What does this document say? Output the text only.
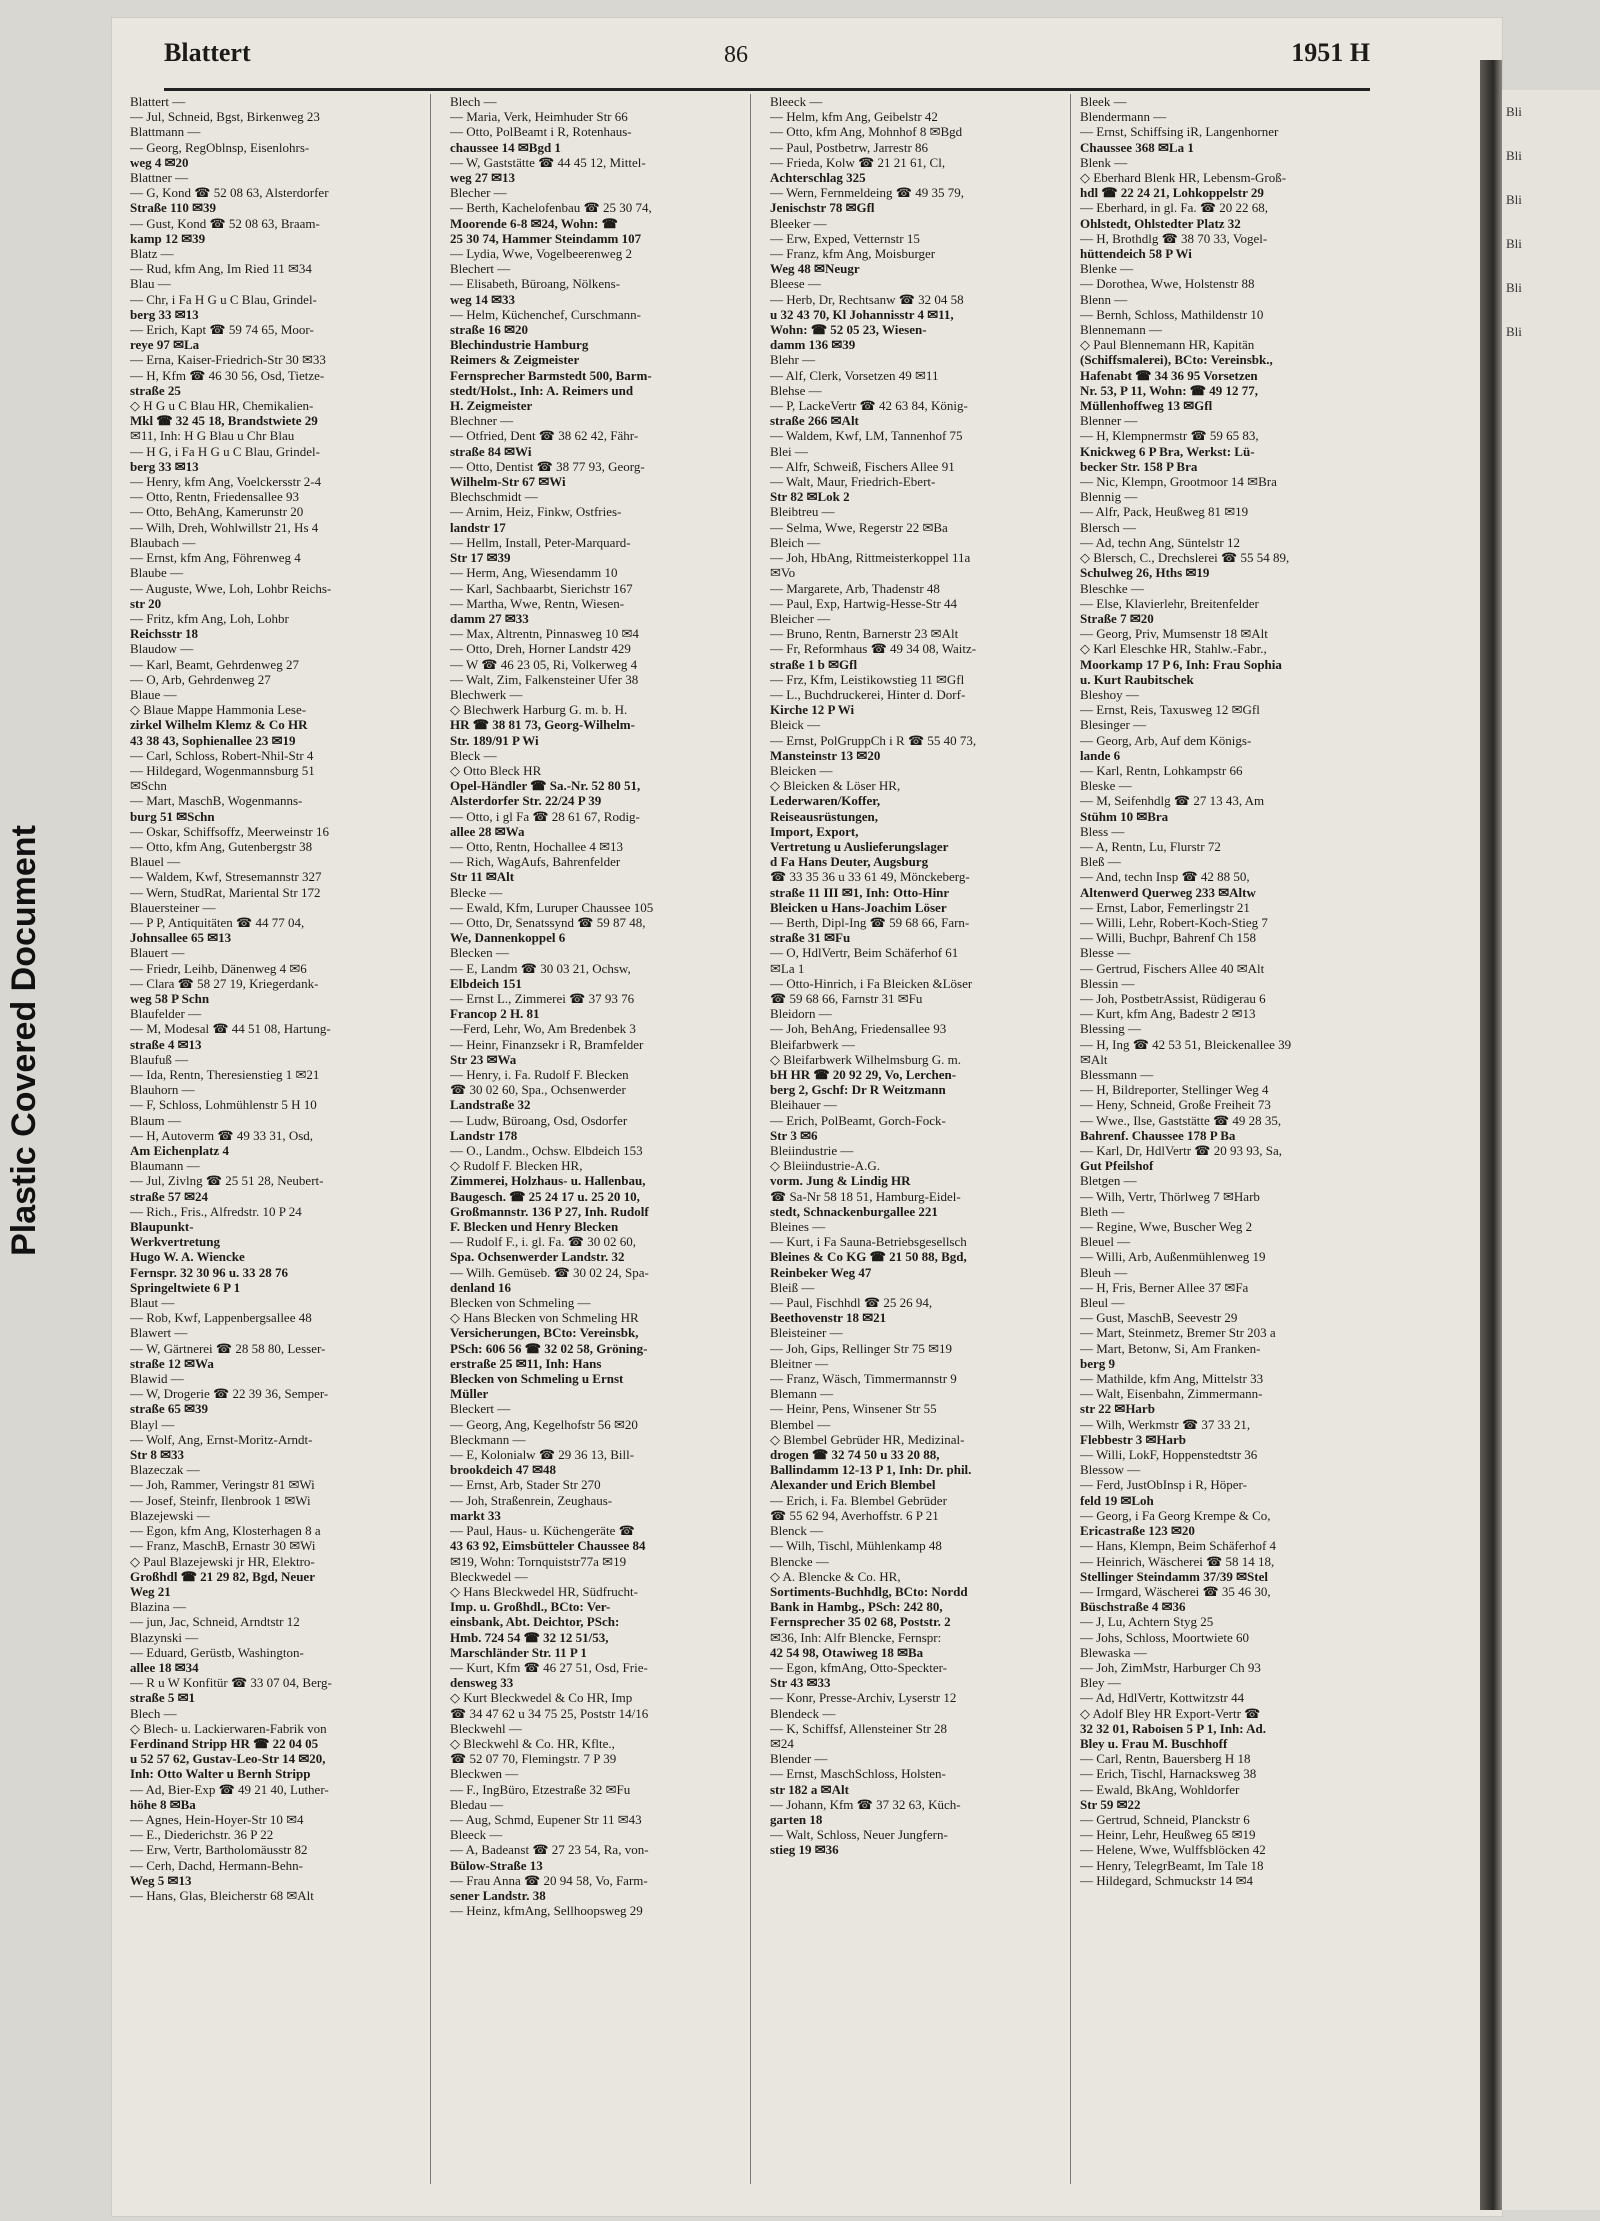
Plastic Covered Document
Blattert	86	1951 H
Blattert —
— Jul, Schneid, Bgst, Birkenweg 23
Blattmann —
— Georg, RegOblnsp, Eisenlohrs-
weg 4 ✉20
Blattner —
— G, Kond ☎ 52 08 63, Alsterdorfer
Straße 110 ✉39
— Gust, Kond ☎ 52 08 63, Braam-
kamp 12 ✉39
Blatz —
— Rud, kfm Ang, Im Ried 11 ✉34
Blau —
— Chr, i Fa H G u C Blau, Grindel-
berg 33 ✉13
— Erich, Kapt ☎ 59 74 65, Moor-
reye 97 ✉La
— Erna, Kaiser-Friedrich-Str 30 ✉33
— H, Kfm ☎ 46 30 56, Osd, Tietze-
straße 25
◇ H G u C Blau HR, Chemikalien-
Mkl ☎ 32 45 18, Brandstwiete 29
✉11, Inh: H G Blau u Chr Blau
— H G, i Fa H G u C Blau, Grindel-
berg 33 ✉13
— Henry, kfm Ang, Voelckersstr 2-4
— Otto, Rentn, Friedensallee 93
— Otto, BehAng, Kamerunstr 20
— Wilh, Dreh, Wohlwillstr 21, Hs 4
Blaubach —
— Ernst, kfm Ang, Föhrenweg 4
Blaube —
— Auguste, Wwe, Loh, Lohbr Reichs-
str 20
— Fritz, kfm Ang, Loh, Lohbr
Reichsstr 18
Blaudow —
— Karl, Beamt, Gehrdenweg 27
— O, Arb, Gehrdenweg 27
Blaue —
◇ Blaue Mappe Hammonia Lese-
zirkel Wilhelm Klemz & Co HR
43 38 43, Sophienallee 23 ✉19
— Carl, Schloss, Robert-Nhil-Str 4
— Hildegard, Wogenmannsburg 51
✉Schn
— Mart, MaschB, Wogenmanns-
burg 51 ✉Schn
— Oskar, Schiffsoffz, Meerweinstr 16
— Otto, kfm Ang, Gutenbergstr 38
Blauel —
— Waldem, Kwf, Stresemannstr 327
— Wern, StudRat, Mariental Str 172
Blauersteiner —
— P P, Antiquitäten ☎ 44 77 04,
Johnsallee 65 ✉13
Blauert —
— Friedr, Leihb, Dänenweg 4 ✉6
— Clara ☎ 58 27 19, Kriegerdank-
weg 58 P Schn
Blaufelder —
— M, Modesal ☎ 44 51 08, Hartung-
straße 4 ✉13
Blaufuß —
— Ida, Rentn, Theresienstieg 1 ✉21
Blauhorn —
— F, Schloss, Lohmühlenstr 5 H 10
Blaum —
— H, Autoverm ☎ 49 33 31, Osd,
Am Eichenplatz 4
Blaumann —
— Jul, Zivlng ☎ 25 51 28, Neubert-
straße 57 ✉24
— Rich., Fris., Alfredstr. 10 P 24
Blaupunkt-
Werkvertretung
Hugo W. A. Wiencke
Fernspr. 32 30 96 u. 33 28 76
Springeltwiete 6 P 1
Blaut —
— Rob, Kwf, Lappenbergsallee 48
Blawert —
— W, Gärtnerei ☎ 28 58 80, Lesser-
straße 12 ✉Wa
Blawid —
— W, Drogerie ☎ 22 39 36, Semper-
straße 65 ✉39
Blayl —
— Wolf, Ang, Ernst-Moritz-Arndt-
Str 8 ✉33
Blazeczak —
— Joh, Rammer, Veringstr 81 ✉Wi
— Josef, Steinfr, Ilenbrook 1 ✉Wi
Blazejewski —
— Egon, kfm Ang, Klosterhagen 8 a
— Franz, MaschB, Ernastr 30 ✉Wi
◇ Paul Blazejewski jr HR, Elektro-
Großhdl ☎ 21 29 82, Bgd, Neuer
Weg 21
Blazina —
— jun, Jac, Schneid, Arndtstr 12
Blazynski —
— Eduard, Gerüstb, Washington-
allee 18 ✉34
— R u W Konfitür ☎ 33 07 04, Berg-
straße 5 ✉1
Blech —
◇ Blech- u. Lackierwaren-Fabrik von
Ferdinand Stripp HR ☎ 22 04 05
u 52 57 62, Gustav-Leo-Str 14 ✉20,
Inh: Otto Walter u Bernh Stripp
— Ad, Bier-Exp ☎ 49 21 40, Luther-
höhe 8 ✉Ba
— Agnes, Hein-Hoyer-Str 10 ✉4
— E., Diederichstr. 36 P 22
— Erw, Vertr, Bartholomäusstr 82
— Cerh, Dachd, Hermann-Behn-
Weg 5 ✉13
— Hans, Glas, Bleicherstr 68 ✉Alt
Blech —
— Maria, Verk, Heimhuder Str 66
— Otto, PolBeamt i R, Rotenhaus-
chaussee 14 ✉Bgd 1
— W, Gaststätte ☎ 44 45 12, Mittel-
weg 27 ✉13
Blecher —
— Berth, Kachelofenbau ☎ 25 30 74,
Moorende 6-8 ✉24, Wohn: ☎
25 30 74, Hammer Steindamm 107
— Lydia, Wwe, Vogelbeerenweg 2
Blechert —
— Elisabeth, Büroang, Nölkens-
weg 14 ✉33
— Helm, Küchenchef, Curschmann-
straße 16 ✉20
Blechindustrie Hamburg
Reimers & Zeigmeister
Fernsprecher Barmstedt 500, Barm-
stedt/Holst., Inh: A. Reimers und
H. Zeigmeister
Blechner —
— Otfried, Dent ☎ 38 62 42, Fähr-
straße 84 ✉Wi
— Otto, Dentist ☎ 38 77 93, Georg-
Wilhelm-Str 67 ✉Wi
Blechschmidt —
— Arnim, Heiz, Finkw, Ostfries-
landstr 17
— Hellm, Install, Peter-Marquard-
Str 17 ✉39
— Herm, Ang, Wiesendamm 10
— Karl, Sachbaarbt, Sierichstr 167
— Martha, Wwe, Rentn, Wiesen-
damm 27 ✉33
— Max, Altrentn, Pinnasweg 10 ✉4
— Otto, Dreh, Horner Landstr 429
— W ☎ 46 23 05, Ri, Volkerweg 4
— Walt, Zim, Falkensteiner Ufer 38
Blechwerk —
◇ Blechwerk Harburg G. m. b. H.
HR ☎ 38 81 73, Georg-Wilhelm-
Str. 189/91 P Wi
Bleck —
◇ Otto Bleck HR
Opel-Händler ☎ Sa.-Nr. 52 80 51,
Alsterdorfer Str. 22/24 P 39
— Otto, i gl Fa ☎ 28 61 67, Rodig-
allee 28 ✉Wa
— Otto, Rentn, Hochallee 4 ✉13
— Rich, WagAufs, Bahrenfelder
Str 11 ✉Alt
Blecke —
— Ewald, Kfm, Luruper Chaussee 105
— Otto, Dr, Senatssynd ☎ 59 87 48,
We, Dannenkoppel 6
Blecken —
— E, Landm ☎ 30 03 21, Ochsw,
Elbdeich 151
— Ernst L., Zimmerei ☎ 37 93 76
Francop 2 H. 81
—Ferd, Lehr, Wo, Am Bredenbek 3
— Heinr, Finanzsekr i R, Bramfelder
Str 23 ✉Wa
— Henry, i. Fa. Rudolf F. Blecken
☎ 30 02 60, Spa., Ochsenwerder
Landstraße 32
— Ludw, Büroang, Osd, Osdorfer
Landstr 178
— O., Landm., Ochsw. Elbdeich 153
◇ Rudolf F. Blecken HR,
Zimmerei, Holzhaus- u. Hallenbau,
Baugesch. ☎ 25 24 17 u. 25 20 10,
Großmannstr. 136 P 27, Inh. Rudolf
F. Blecken und Henry Blecken
— Rudolf F., i. gl. Fa. ☎ 30 02 60,
Spa. Ochsenwerder Landstr. 32
— Wilh. Gemüseb. ☎ 30 02 24, Spa-
denland 16
Blecken von Schmeling —
◇ Hans Blecken von Schmeling HR
Versicherungen, BCto: Vereinsbk,
PSch: 606 56 ☎ 32 02 58, Gröning-
erstraße 25 ✉11, Inh: Hans
Blecken von Schmeling u Ernst
Müller
Bleckert —
— Georg, Ang, Kegelhofstr 56 ✉20
Bleckmann —
— E, Kolonialw ☎ 29 36 13, Bill-
brookdeich 47 ✉48
— Ernst, Arb, Stader Str 270
— Joh, Straßenrein, Zeughaus-
markt 33
— Paul, Haus- u. Küchengeräte ☎
43 63 92, Eimsbütteler Chaussee 84
✉19, Wohn: Tornquiststr77a ✉19
Bleckwedel —
◇ Hans Bleckwedel HR, Südfrucht-
Imp. u. Großhdl., BCto: Ver-
einsbank, Abt. Deichtor, PSch:
Hmb. 724 54 ☎ 32 12 51/53,
Marschländer Str. 11 P 1
— Kurt, Kfm ☎ 46 27 51, Osd, Frie-
densweg 33
◇ Kurt Bleckwedel & Co HR, Imp
☎ 34 47 62 u 34 75 25, Poststr 14/16
Bleckwehl —
◇ Bleckwehl & Co. HR, Kflte.,
☎ 52 07 70, Flemingstr. 7 P 39
Bleckwen —
— F., IngBüro, Etzestraße 32 ✉Fu
Bledau —
— Aug, Schmd, Eupener Str 11 ✉43
Bleeck —
— A, Badeanst ☎ 27 23 54, Ra, von-
Bülow-Straße 13
— Frau Anna ☎ 20 94 58, Vo, Farm-
sener Landstr. 38
— Heinz, kfmAng, Sellhoopsweg 29
Bleeck —
— Helm, kfm Ang, Geibelstr 42
— Otto, kfm Ang, Mohnhof 8 ✉Bgd
— Paul, Postbetrw, Jarrestr 86
— Frieda, Kolw ☎ 21 21 61, Cl,
Achterschlag 325
— Wern, Fernmeldeing ☎ 49 35 79,
Jenischstr 78 ✉Gfl
Bleeker —
— Erw, Exped, Vetternstr 15
— Franz, kfm Ang, Moisburger
Weg 48 ✉Neugr
Bleese —
— Herb, Dr, Rechtsanw ☎ 32 04 58
u 32 43 70, Kl Johannisstr 4 ✉11,
Wohn: ☎ 52 05 23, Wiesen-
damm 136 ✉39
Blehr —
— Alf, Clerk, Vorsetzen 49 ✉11
Blehse —
— P, LackeVertr ☎ 42 63 84, König-
straße 266 ✉Alt
— Waldem, Kwf, LM, Tannenhof 75
Blei —
— Alfr, Schweiß, Fischers Allee 91
— Walt, Maur, Friedrich-Ebert-
Str 82 ✉Lok 2
Bleibtreu —
— Selma, Wwe, Regerstr 22 ✉Ba
Bleich —
— Joh, HbAng, Rittmeisterkoppel 11a
✉Vo
— Margarete, Arb, Thadenstr 48
— Paul, Exp, Hartwig-Hesse-Str 44
Bleicher —
— Bruno, Rentn, Barnerstr 23 ✉Alt
— Fr, Reformhaus ☎ 49 34 08, Waitz-
straße 1 b ✉Gfl
— Frz, Kfm, Leistikowstieg 11 ✉Gfl
— L., Buchdruckerei, Hinter d. Dorf-
Kirche 12 P Wi
Bleick —
— Ernst, PolGruppCh i R ☎ 55 40 73,
Mansteinstr 13 ✉20
Bleicken —
◇ Bleicken & Löser HR,
Lederwaren/Koffer,
Reiseausrüstungen,
Import, Export,
Vertretung u Auslieferungslager
d Fa Hans Deuter, Augsburg
☎ 33 35 36 u 33 61 49, Mönckeberg-
straße 11 III ✉1, Inh: Otto-Hinr
Bleicken u Hans-Joachim Löser
— Berth, Dipl-Ing ☎ 59 68 66, Farn-
straße 31 ✉Fu
— O, HdlVertr, Beim Schäferhof 61
✉La 1
— Otto-Hinrich, i Fa Bleicken &Löser
☎ 59 68 66, Farnstr 31 ✉Fu
Bleidorn —
— Joh, BehAng, Friedensallee 93
Bleifarbwerk —
◇ Bleifarbwerk Wilhelmsburg G. m.
bH HR ☎ 20 92 29, Vo, Lerchen-
berg 2, Gschf: Dr R Weitzmann
Bleihauer —
— Erich, PolBeamt, Gorch-Fock-
Str 3 ✉6
Bleiindustrie —
◇ Bleiindustrie-A.G.
vorm. Jung & Lindig HR
☎ Sa-Nr 58 18 51, Hamburg-Eidel-
stedt, Schnackenburgallee 221
Bleines —
— Kurt, i Fa Sauna-Betriebsgesellsch
Bleines & Co KG ☎ 21 50 88, Bgd,
Reinbeker Weg 47
Bleiß —
— Paul, Fischhdl ☎ 25 26 94,
Beethovenstr 18 ✉21
Bleisteiner —
— Joh, Gips, Rellinger Str 75 ✉19
Bleitner —
— Franz, Wäsch, Timmermannstr 9
Blemann —
— Heinr, Pens, Winsener Str 55
Blembel —
◇ Blembel Gebrüder HR, Medizinal-
drogen ☎ 32 74 50 u 33 20 88,
Ballindamm 12-13 P 1, Inh: Dr. phil.
Alexander und Erich Blembel
— Erich, i. Fa. Blembel Gebrüder
☎ 55 62 94, Averhoffstr. 6 P 21
Blenck —
— Wilh, Tischl, Mühlenkamp 48
Blencke —
◇ A. Blencke & Co. HR,
Sortiments-Buchhdlg, BCto: Nordd
Bank in Hambg., PSch: 242 80,
Fernsprecher 35 02 68, Poststr. 2
✉36, Inh: Alfr Blencke, Fernspr:
42 54 98, Otawiweg 18 ✉Ba
— Egon, kfmAng, Otto-Speckter-
Str 43 ✉33
— Konr, Presse-Archiv, Lyserstr 12
Blendeck —
— K, Schiffsf, Allensteiner Str 28
✉24
Blender —
— Ernst, MaschSchloss, Holsten-
str 182 a ✉Alt
— Johann, Kfm ☎ 37 32 63, Küch-
garten 18
— Walt, Schloss, Neuer Jungfern-
stieg 19 ✉36
Bleek —
Blendermann —
— Ernst, Schiffsing iR, Langenhorner
Chaussee 368 ✉La 1
Blenk —
◇ Eberhard Blenk HR, Lebensm-Groß-
hdl ☎ 22 24 21, Lohkoppelstr 29
— Eberhard, in gl. Fa. ☎ 20 22 68,
Ohlstedt, Ohlstedter Platz 32
— H, Brothdlg ☎ 38 70 33, Vogel-
hüttendeich 58 P Wi
Blenke —
— Dorothea, Wwe, Holstenstr 88
Blenn —
— Bernh, Schloss, Mathildenstr 10
Blennemann —
◇ Paul Blennemann HR, Kapitän
(Schiffsmalerei), BCto: Vereinsbk.,
Hafenabt ☎ 34 36 95 Vorsetzen
Nr. 53, P 11, Wohn: ☎ 49 12 77,
Müllenhoffweg 13 ✉Gfl
Blenner —
— H, Klempnermstr ☎ 59 65 83,
Knickweg 6 P Bra, Werkst: Lü-
becker Str. 158 P Bra
— Nic, Klempn, Grootmoor 14 ✉Bra
Blennig —
— Alfr, Pack, Heußweg 81 ✉19
Blersch —
— Ad, techn Ang, Süntelstr 12
◇ Blersch, C., Drechslerei ☎ 55 54 89,
Schulweg 26, Hths ✉19
Bleschke —
— Else, Klavierlehr, Breitenfelder
Straße 7 ✉20
— Georg, Priv, Mumsenstr 18 ✉Alt
◇ Karl Eleschke HR, Stahlw.-Fabr.,
Moorkamp 17 P 6, Inh: Frau Sophia
u. Kurt Raubitschek
Bleshoy —
— Ernst, Reis, Taxusweg 12 ✉Gfl
Blesinger —
— Georg, Arb, Auf dem Königs-
lande 6
— Karl, Rentn, Lohkampstr 66
Bleske —
— M, Seifenhdlg ☎ 27 13 43, Am
Stühm 10 ✉Bra
Bless —
— A, Rentn, Lu, Flurstr 72
Bleß —
— And, techn Insp ☎ 42 88 50,
Altenwerd Querweg 233 ✉Altw
— Ernst, Labor, Femerlingstr 21
— Willi, Lehr, Robert-Koch-Stieg 7
— Willi, Buchpr, Bahrenf Ch 158
Blesse —
— Gertrud, Fischers Allee 40 ✉Alt
Blessin —
— Joh, PostbetrAssist, Rüdigerau 6
— Kurt, kfm Ang, Badestr 2 ✉13
Blessing —
— H, Ing ☎ 42 53 51, Bleickenallee 39
✉Alt
Blessmann —
— H, Bildreporter, Stellinger Weg 4
— Heny, Schneid, Große Freiheit 73
— Wwe., Ilse, Gaststätte ☎ 49 28 35,
Bahrenf. Chaussee 178 P Ba
— Karl, Dr, HdlVertr ☎ 20 93 93, Sa,
Gut Pfeilshof
Bletgen —
— Wilh, Vertr, Thörlweg 7 ✉Harb
Bleth —
— Regine, Wwe, Buscher Weg 2
Bleuel —
— Willi, Arb, Außenmühlenweg 19
Bleuh —
— H, Fris, Berner Allee 37 ✉Fa
Bleul —
— Gust, MaschB, Seevestr 29
— Mart, Steinmetz, Bremer Str 203 a
— Mart, Betonw, Si, Am Franken-
berg 9
— Mathilde, kfm Ang, Mittelstr 33
— Walt, Eisenbahn, Zimmermann-
str 22 ✉Harb
— Wilh, Werkmstr ☎ 37 33 21,
Flebbestr 3 ✉Harb
— Willi, LokF, Hoppenstedtstr 36
Blessow —
— Ferd, JustObInsp i R, Höper-
feld 19 ✉Loh
— Georg, i Fa Georg Krempe & Co,
Ericastraße 123 ✉20
— Hans, Klempn, Beim Schäferhof 4
— Heinrich, Wäscherei ☎ 58 14 18,
Stellinger Steindamm 37/39 ✉Stel
— Irmgard, Wäscherei ☎ 35 46 30,
Büschstraße 4 ✉36
— J, Lu, Achtern Styg 25
— Johs, Schloss, Moortwiete 60
Blewaska —
— Joh, ZimMstr, Harburger Ch 93
Bley —
— Ad, HdlVertr, Kottwitzstr 44
◇ Adolf Bley HR Export-Vertr ☎
32 32 01, Raboisen 5 P 1, Inh: Ad.
Bley u. Frau M. Buschhoff
— Carl, Rentn, Bauersberg H 18
— Erich, Tischl, Harnacksweg 38
— Ewald, BkAng, Wohldorfer
Str 59 ✉22
— Gertrud, Schneid, Planckstr 6
— Heinr, Lehr, Heußweg 65 ✉19
— Helene, Wwe, Wulffsblöcken 42
— Henry, TelegrBeamt, Im Tale 18
— Hildegard, Schmuckstr 14 ✉4
Bli
Bli
Bli
Bli
Bli
Bli
